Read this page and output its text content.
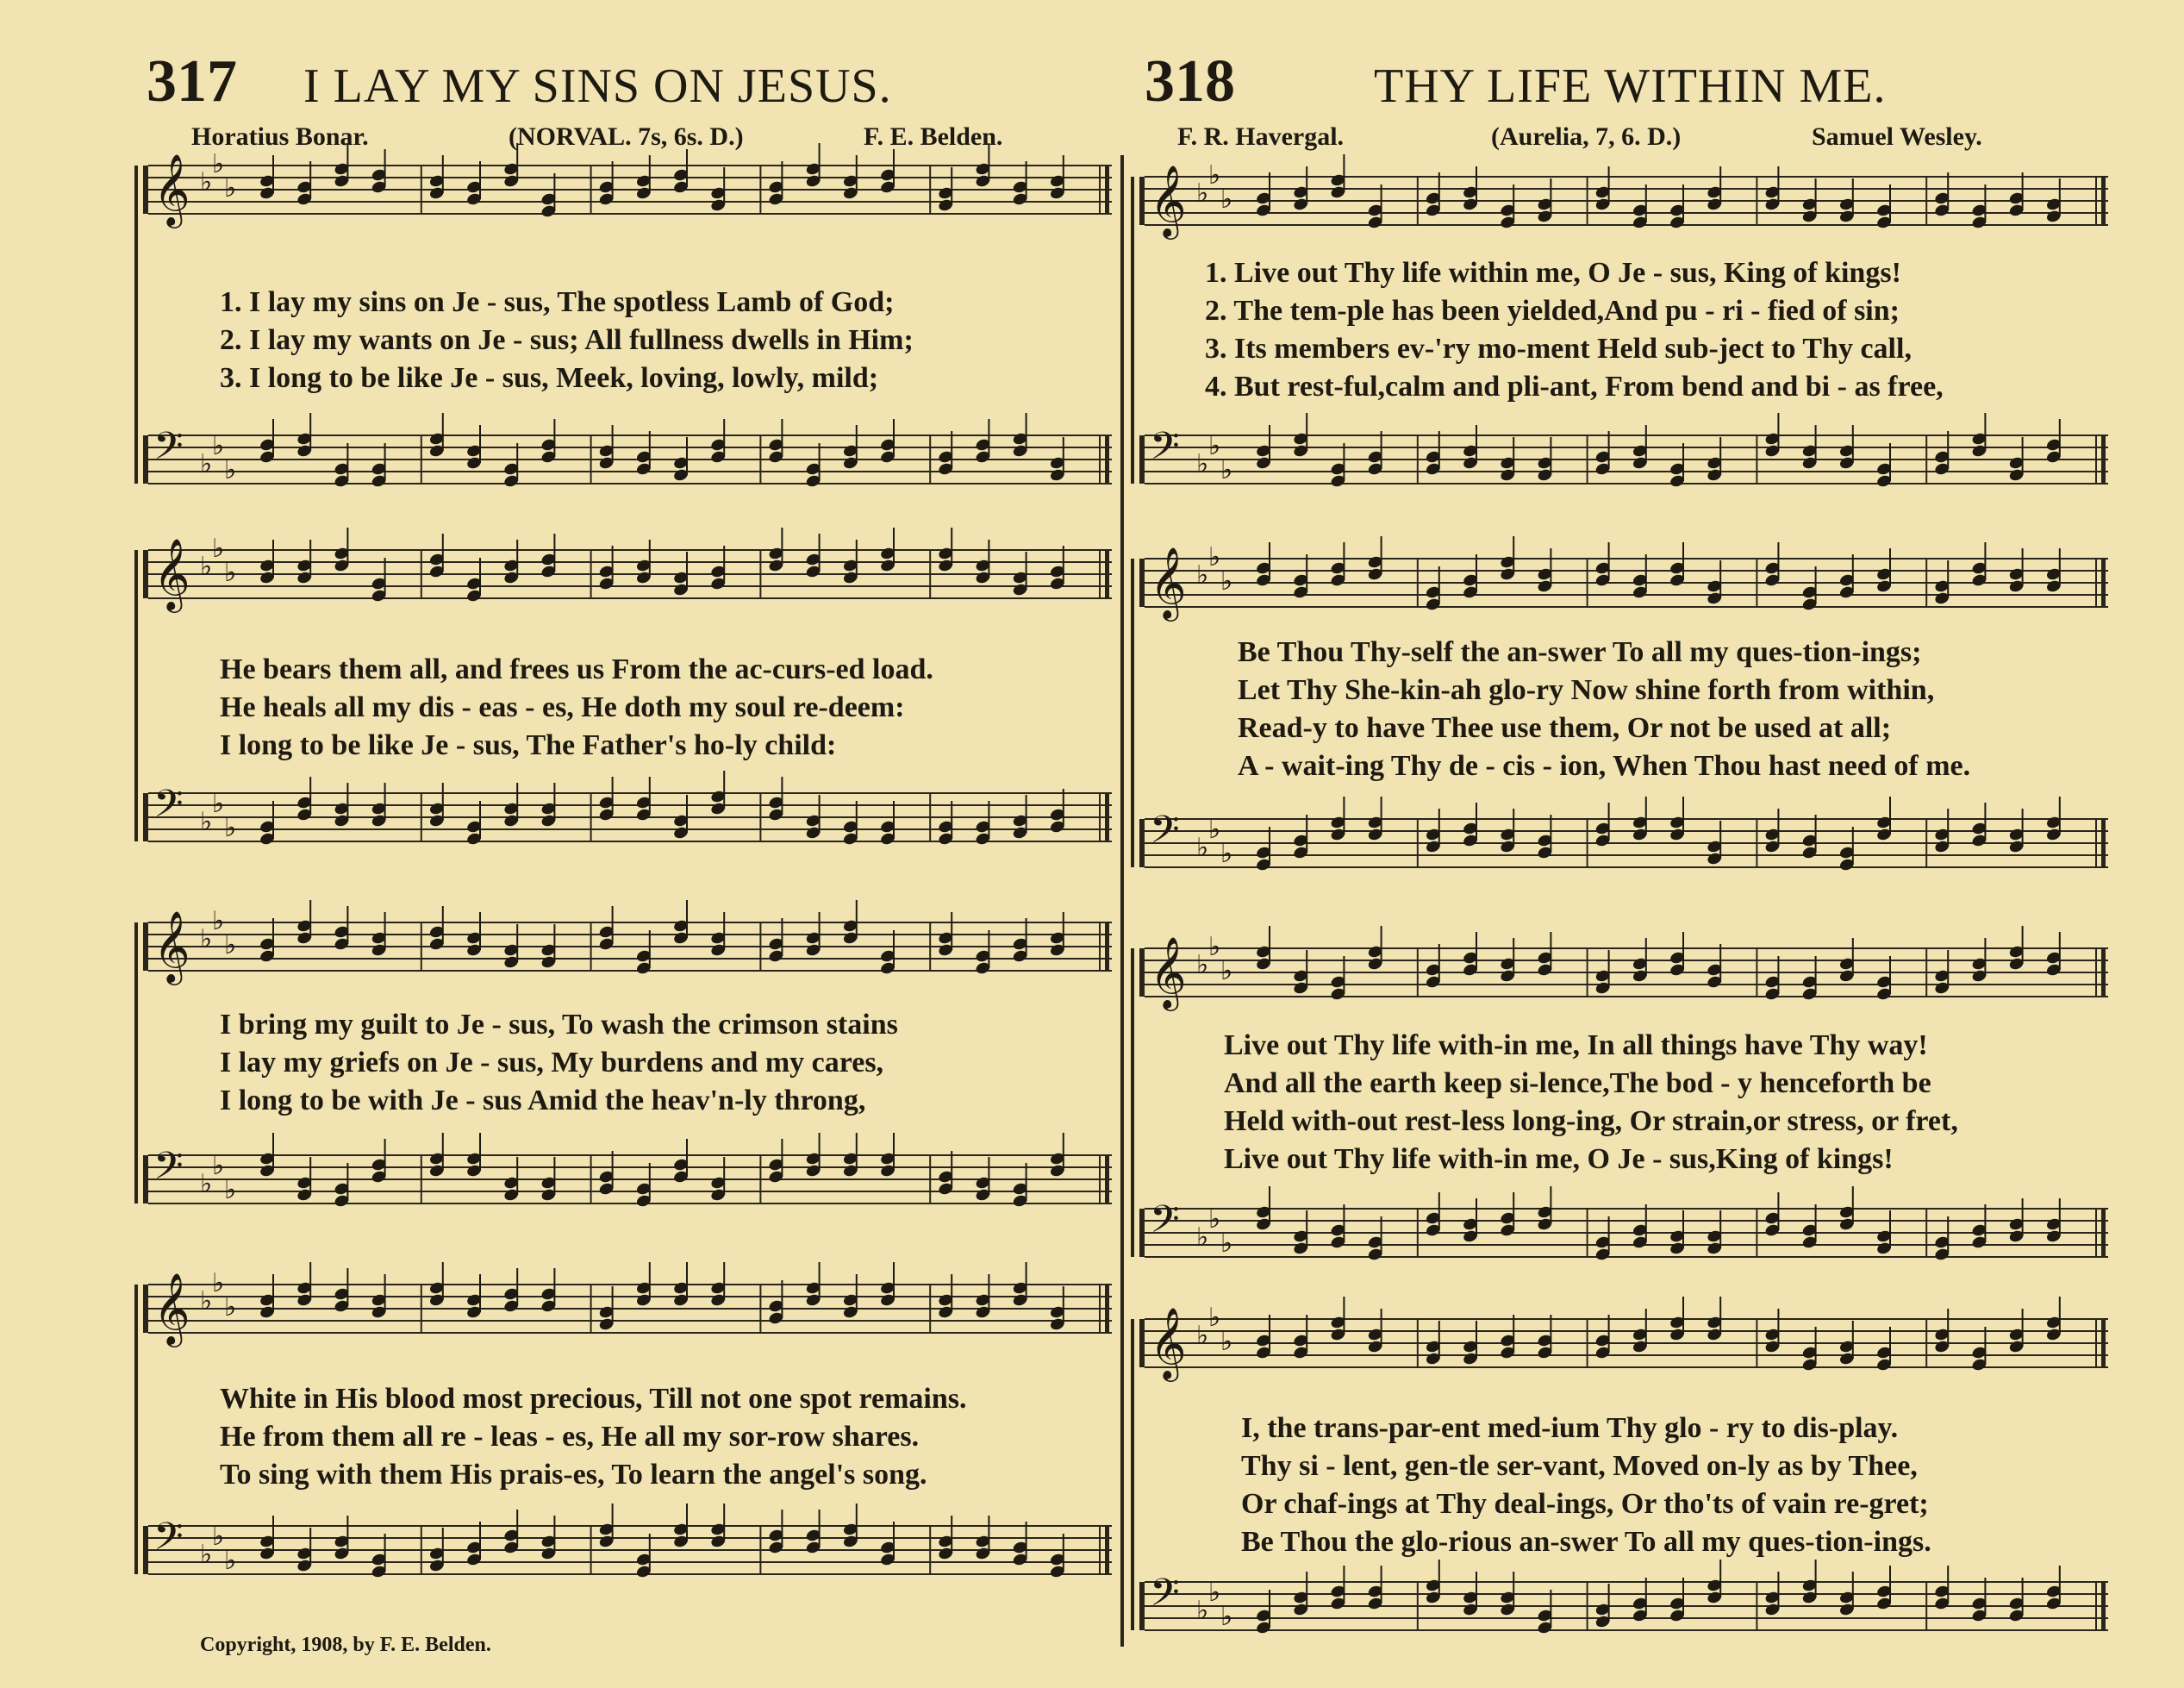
317 I LAY MY SINS ON JESUS.
Horatius Bonar.	(NORVAL. 7s, 6s. D.)	F. E. Belden.
318	THY LIFE WITHIN ME.
F. R. Havergal.	(Aurelia, 7, 6. D.)	Samuel Wesley.
𝄞 ♭
♭
♭
𝄢 ♭
♭
♭
1. I lay my sins on Je - sus, The spotless Lamb of God;
2. I lay my wants on Je - sus; All fullness dwells in Him;
3. I long to be like Je - sus, Meek, loving, lowly, mild;
𝄞 ♭
♭
♭
𝄢 ♭
♭
♭
He bears them all, and frees us From the ac-curs-ed load.
He heals all my dis - eas - es, He doth my soul re-deem:
I long to be like Je - sus, The Father's ho-ly child:
𝄞 ♭
♭
♭
𝄢 ♭
♭
♭
I bring my guilt to Je - sus, To wash the crimson stains
I lay my griefs on Je - sus, My burdens and my cares,
I long to be with Je - sus Amid the heav'n-ly throng,
𝄞 ♭
♭
♭
𝄢 ♭
♭
♭
White in His blood most precious, Till not one spot remains.
He from them all re - leas - es, He all my sor-row shares.
To sing with them His prais-es, To learn the angel's song.
𝄞 ♭
♭
♭
𝄢 ♭
♭
♭
1. Live out Thy life within me, O Je - sus, King of kings!
2. The tem-ple has been yielded,And pu - ri - fied of sin;
3. Its members ev-'ry mo-ment Held sub-ject to Thy call,
4. But rest-ful,calm and pli-ant, From bend and bi - as free,
𝄞 ♭
♭
♭
𝄢 ♭
♭
♭
Be Thou Thy-self the an-swer To all my ques-tion-ings;
Let Thy She-kin-ah glo-ry Now shine forth from within,
Read-y to have Thee use them, Or not be used at all;
A - wait-ing Thy de - cis - ion, When Thou hast need of me.
𝄞 ♭
♭
♭
𝄢 ♭
♭
♭
Live out Thy life with-in me, In all things have Thy way!
And all the earth keep si-lence,The bod - y henceforth be
Held with-out rest-less long-ing, Or strain,or stress, or fret,
Live out Thy life with-in me, O Je - sus,King of kings!
𝄞 ♭
♭
♭
𝄢 ♭
♭
♭
I, the trans-par-ent med-ium Thy glo - ry to dis-play.
Thy si - lent, gen-tle ser-vant, Moved on-ly as by Thee,
Or chaf-ings at Thy deal-ings, Or tho'ts of vain re-gret;
Be Thou the glo-rious an-swer To all my ques-tion-ings.
Copyright, 1908, by F. E. Belden.
